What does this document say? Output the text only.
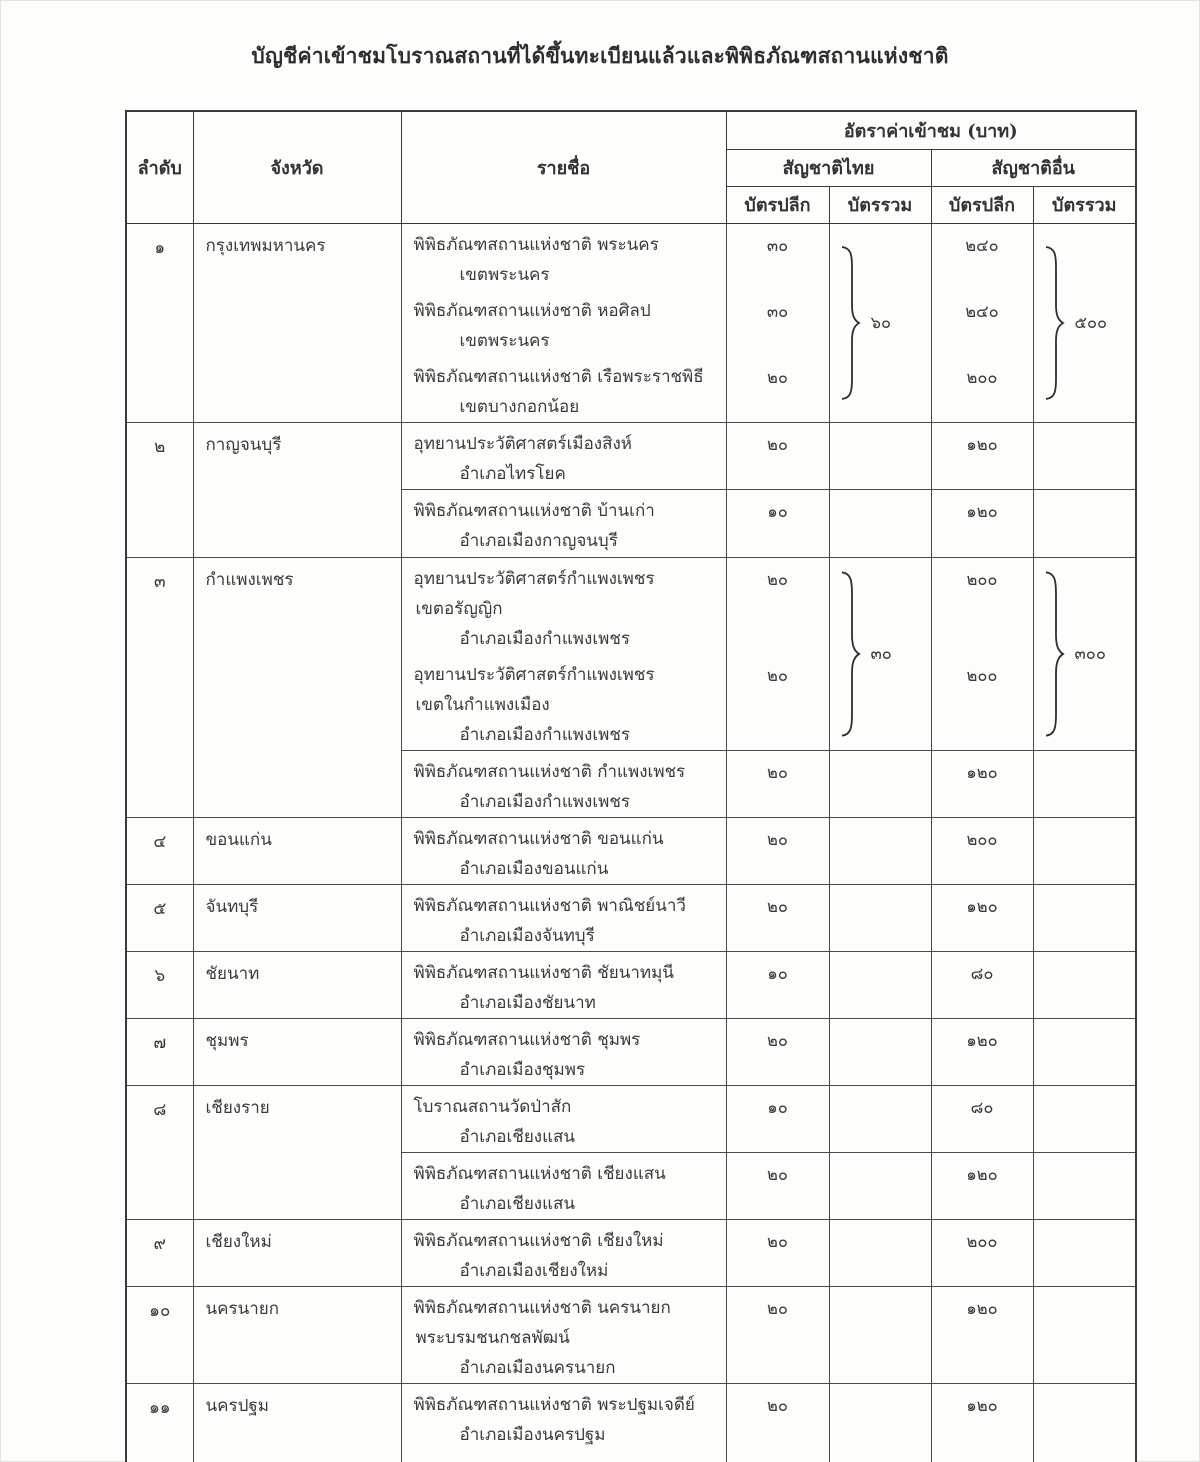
บัญชีค่าเข้าชมโบราณสถานที่ได้ขึ้นทะเบียนแล้วและพิพิธภัณฑสถานแห่งชาติ
ลำดับ	จังหวัด	รายชื่อ	อัตราค่าเข้าชม (บาท)			
			สัญชาติไทย		สัญชาติอื่น	
			บัตรปลีก	บัตรรวม	บัตรปลีก	บัตรรวม
๑	กรุงเทพมหานคร	พิพิธภัณฑสถานแห่งชาติ พระนคร
เขตพระนคร	๓๐	๖๐	๒๔๐	๕๐๐

		พิพิธภัณฑสถานแห่งชาติ หอศิลป
เขตพระนคร	๓๐		๒๔๐	

		พิพิธภัณฑสถานแห่งชาติ เรือพระราชพิธี
เขตบางกอกน้อย	๒๐		๒๐๐	
๒	กาญจนบุรี	อุทยานประวัติศาสตร์เมืองสิงห์
อำเภอไทรโยค	๒๐		๑๒๐	

		พิพิธภัณฑสถานแห่งชาติ บ้านเก่า
อำเภอเมืองกาญจนบุรี	๑๐		๑๒๐	
๓	กำแพงเพชร	อุทยานประวัติศาสตร์กำแพงเพชร
เขตอรัญญิก
อำเภอเมืองกำแพงเพชร	๒๐	๓๐	๒๐๐	๓๐๐

		อุทยานประวัติศาสตร์กำแพงเพชร
เขตในกำแพงเมือง
อำเภอเมืองกำแพงเพชร	๒๐		๒๐๐	

		พิพิธภัณฑสถานแห่งชาติ กำแพงเพชร
อำเภอเมืองกำแพงเพชร	๒๐		๑๒๐	
๔	ขอนแก่น	พิพิธภัณฑสถานแห่งชาติ ขอนแก่น
อำเภอเมืองขอนแก่น	๒๐		๒๐๐	
๕	จันทบุรี	พิพิธภัณฑสถานแห่งชาติ พาณิชย์นาวี
อำเภอเมืองจันทบุรี	๒๐		๑๒๐	
๖	ชัยนาท	พิพิธภัณฑสถานแห่งชาติ ชัยนาทมุนี
อำเภอเมืองชัยนาท	๑๐		๘๐	
๗	ชุมพร	พิพิธภัณฑสถานแห่งชาติ ชุมพร
อำเภอเมืองชุมพร	๒๐		๑๒๐	
๘	เชียงราย	โบราณสถานวัดป่าสัก
อำเภอเชียงแสน	๑๐		๘๐	

		พิพิธภัณฑสถานแห่งชาติ เชียงแสน
อำเภอเชียงแสน	๒๐		๑๒๐	
๙	เชียงใหม่	พิพิธภัณฑสถานแห่งชาติ เชียงใหม่
อำเภอเมืองเชียงใหม่	๒๐		๒๐๐	
๑๐	นครนายก	พิพิธภัณฑสถานแห่งชาติ นครนายก
พระบรมชนกชลพัฒน์
อำเภอเมืองนครนายก	๒๐		๑๒๐	
๑๑	นครปฐม	พิพิธภัณฑสถานแห่งชาติ พระปฐมเจดีย์
อำเภอเมืองนครปฐม	๒๐		๑๒๐	
